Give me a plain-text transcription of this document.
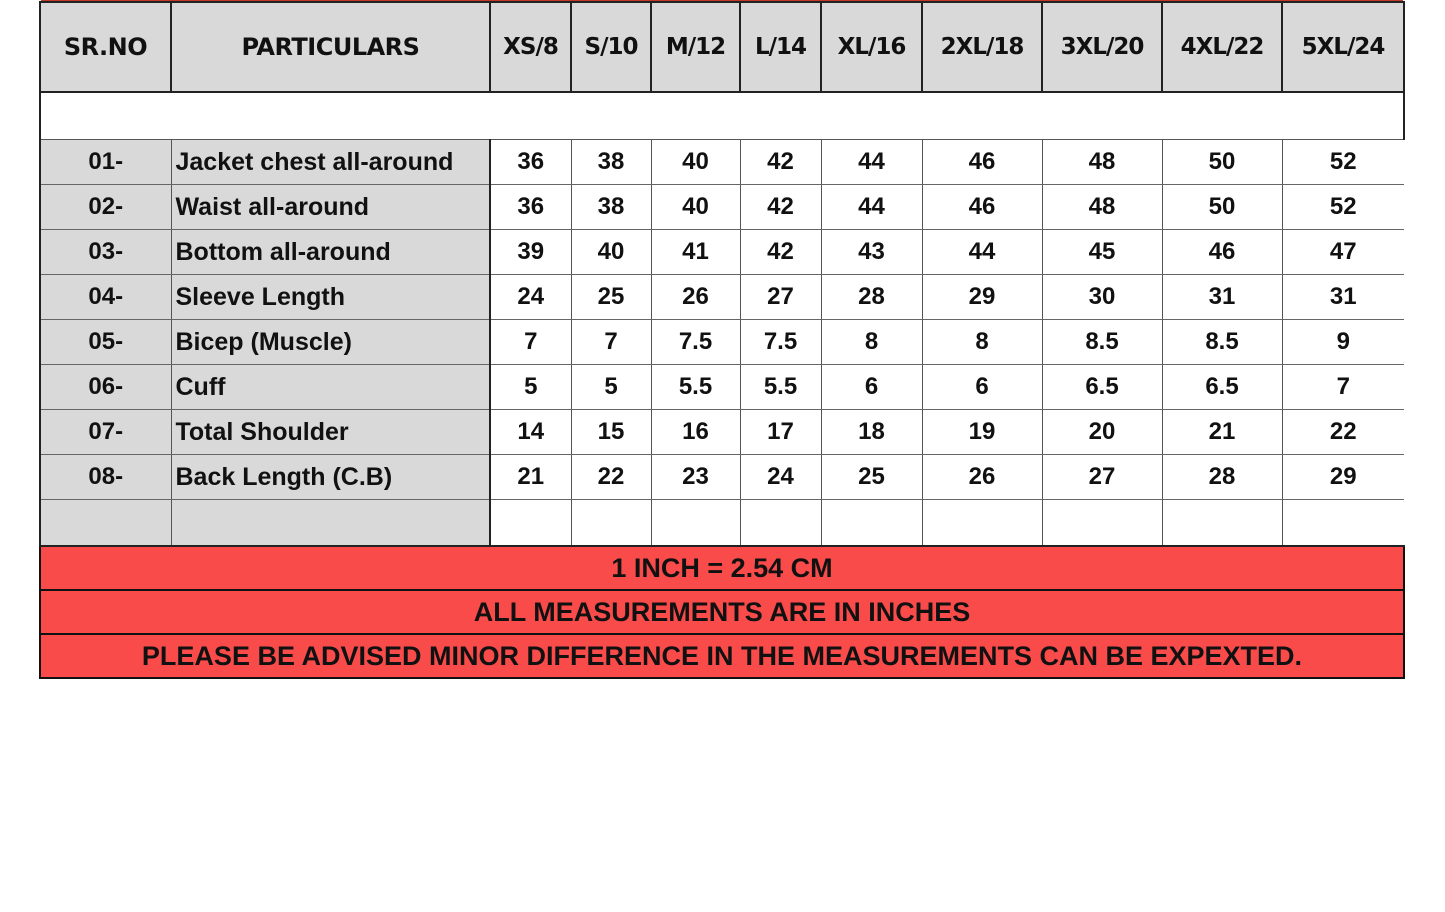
SR.NO	PARTICULARS	XS/8	S/10	M/12	L/14	XL/16	2XL/18	3XL/20	4XL/22	5XL/24

01-	Jacket chest all-around	36	38	40	42	44	46	48	50	52
02-	Waist all-around	36	38	40	42	44	46	48	50	52
03-	Bottom all-around	39	40	41	42	43	44	45	46	47
04-	Sleeve Length	24	25	26	27	28	29	30	31	31
05-	Bicep (Muscle)	7	7	7.5	7.5	8	8	8.5	8.5	9
06-	Cuff	5	5	5.5	5.5	6	6	6.5	6.5	7
07-	Total Shoulder	14	15	16	17	18	19	20	21	22
08-	Back Length (C.B)	21	22	23	24	25	26	27	28	29

1 INCH = 2.54 CM										
ALL MEASUREMENTS ARE IN INCHES										
PLEASE BE ADVISED MINOR DIFFERENCE IN THE MEASUREMENTS CAN BE EXPEXTED.										
